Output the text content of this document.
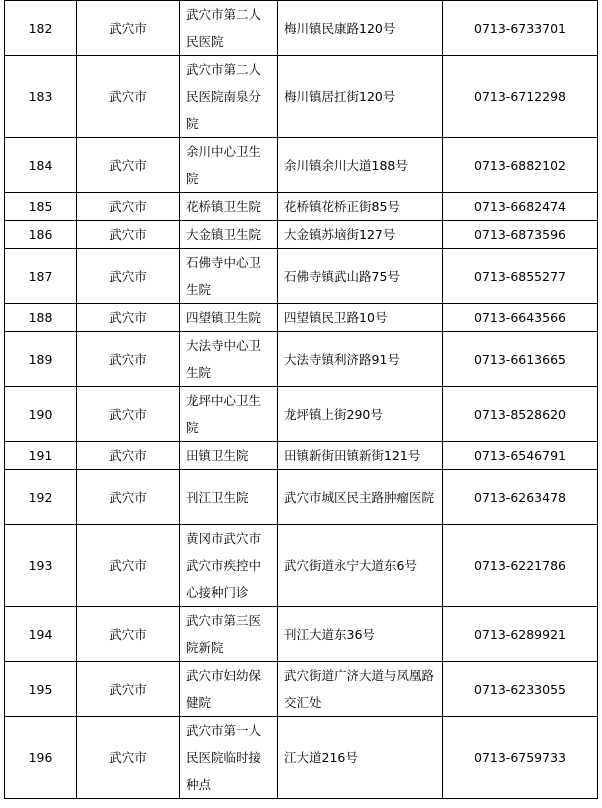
182	武穴市	武穴市第二人民医院	梅川镇民康路120号	0713-6733701
183	武穴市	武穴市第二人民医院南泉分院	梅川镇居扛街120号	0713-6712298
184	武穴市	余川中心卫生院	余川镇余川大道188号	0713-6882102
185	武穴市	花桥镇卫生院	花桥镇花桥正街85号	0713-6682474
186	武穴市	大金镇卫生院	大金镇苏垴街127号	0713-6873596
187	武穴市	石佛寺中心卫生院	石佛寺镇武山路75号	0713-6855277
188	武穴市	四望镇卫生院	四望镇民卫路10号	0713-6643566
189	武穴市	大法寺中心卫生院	大法寺镇利济路91号	0713-6613665
190	武穴市	龙坪中心卫生院	龙坪镇上街290号	0713-8528620
191	武穴市	田镇卫生院	田镇新街田镇新街121号	0713-6546791
192	武穴市	刊江卫生院	武穴市城区民主路肿瘤医院	0713-6263478
193	武穴市	黄冈市武穴市武穴市疾控中心接种门诊	武穴街道永宁大道东6号	0713-6221786
194	武穴市	武穴市第三医院新院	刊江大道东36号	0713-6289921
195	武穴市	武穴市妇幼保健院	武穴街道广济大道与凤凰路交汇处	0713-6233055
196	武穴市	武穴市第一人民医院临时接种点	江大道216号	0713-6759733
